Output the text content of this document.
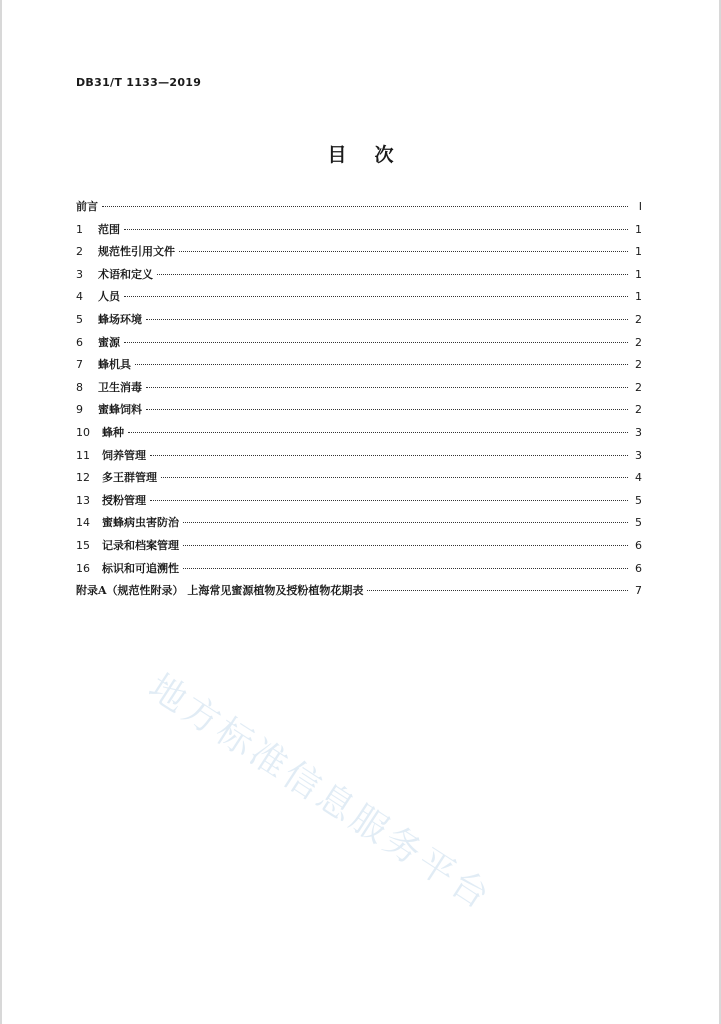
DB31/T 1133—2019
目次
前言	Ⅰ
1	范围	1
2	规范性引用文件	1
3	术语和定义	1
4	人员	1
5	蜂场环境	2
6	蜜源	2
7	蜂机具	2
8	卫生消毒	2
9	蜜蜂饲料	2
10	蜂种	3
11	饲养管理	3
12	多王群管理	4
13	授粉管理	5
14	蜜蜂病虫害防治	5
15	记录和档案管理	6
16	标识和可追溯性	6
附录A（规范性附录） 上海常见蜜源植物及授粉植物花期表	7
地方标准信息服务平台
